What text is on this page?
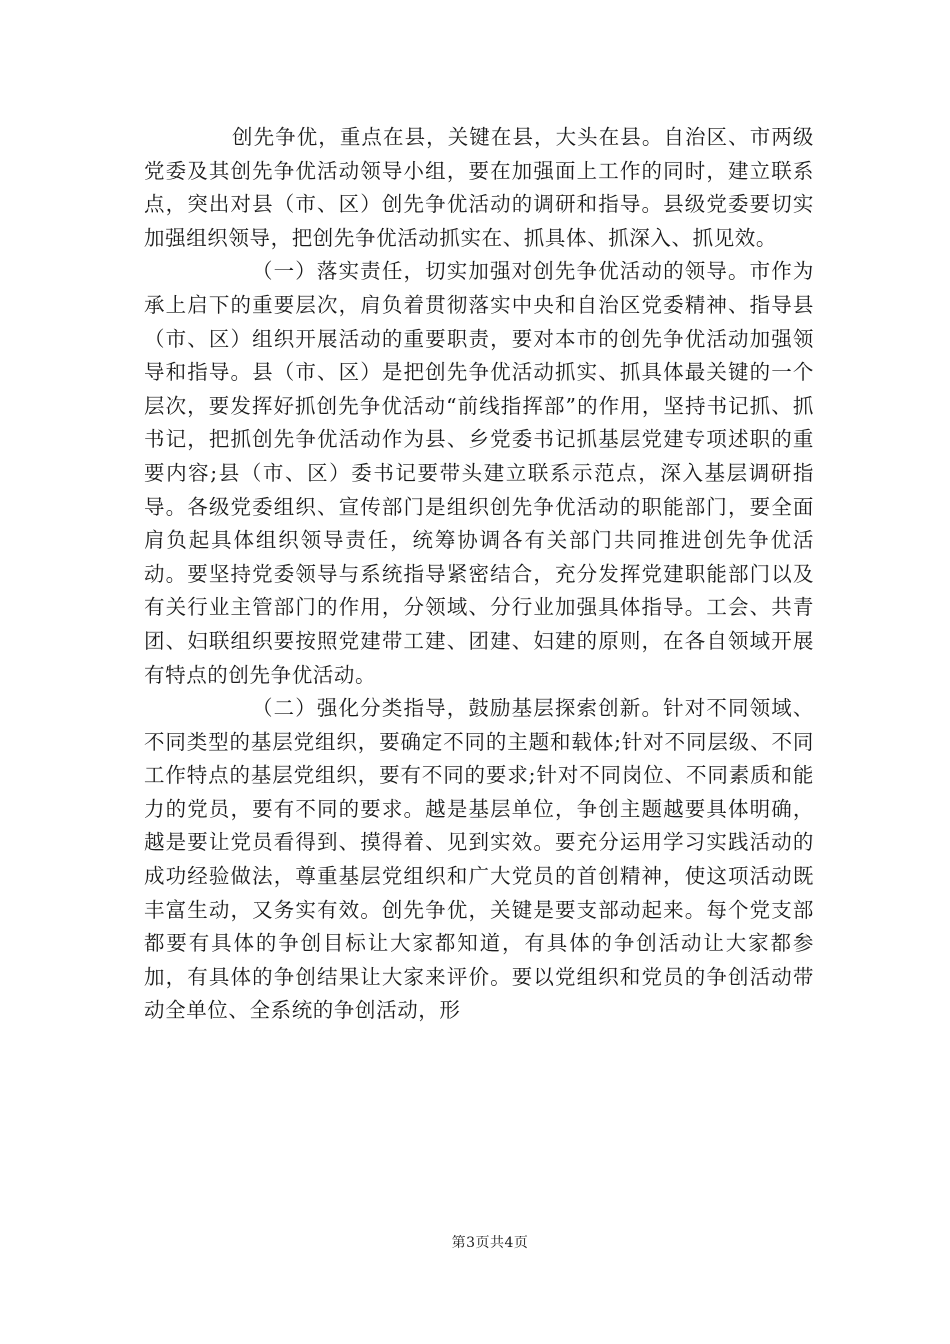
创先争优，重点在县，关键在县，大头在县。自治区、市两级党委及其创先争优活动领导小组，要在加强面上工作的同时，建立联系点，突出对县（市、区）创先争优活动的调研和指导。县级党委要切实加强组织领导，把创先争优活动抓实在、抓具体、抓深入、抓见效。

（一）落实责任，切实加强对创先争优活动的领导。市作为承上启下的重要层次，肩负着贯彻落实中央和自治区党委精神、指导县（市、区）组织开展活动的重要职责，要对本市的创先争优活动加强领导和指导。县（市、区）是把创先争优活动抓实、抓具体最关键的一个层次，要发挥好抓创先争优活动“前线指挥部”的作用，坚持书记抓、抓书记，把抓创先争优活动作为县、乡党委书记抓基层党建专项述职的重要内容;县（市、区）委书记要带头建立联系示范点，深入基层调研指导。各级党委组织、宣传部门是组织创先争优活动的职能部门，要全面肩负起具体组织领导责任，统筹协调各有关部门共同推进创先争优活动。要坚持党委领导与系统指导紧密结合，充分发挥党建职能部门以及有关行业主管部门的作用，分领域、分行业加强具体指导。工会、共青团、妇联组织要按照党建带工建、团建、妇建的原则，在各自领域开展有特点的创先争优活动。

（二）强化分类指导，鼓励基层探索创新。针对不同领域、不同类型的基层党组织，要确定不同的主题和载体;针对不同层级、不同工作特点的基层党组织，要有不同的要求;针对不同岗位、不同素质和能力的党员，要有不同的要求。越是基层单位，争创主题越要具体明确，越是要让党员看得到、摸得着、见到实效。要充分运用学习实践活动的成功经验做法，尊重基层党组织和广大党员的首创精神，使这项活动既丰富生动，又务实有效。创先争优，关键是要支部动起来。每个党支部都要有具体的争创目标让大家都知道，有具体的争创活动让大家都参加，有具体的争创结果让大家来评价。要以党组织和党员的争创活动带动全单位、全系统的争创活动，形

第3页共4页
